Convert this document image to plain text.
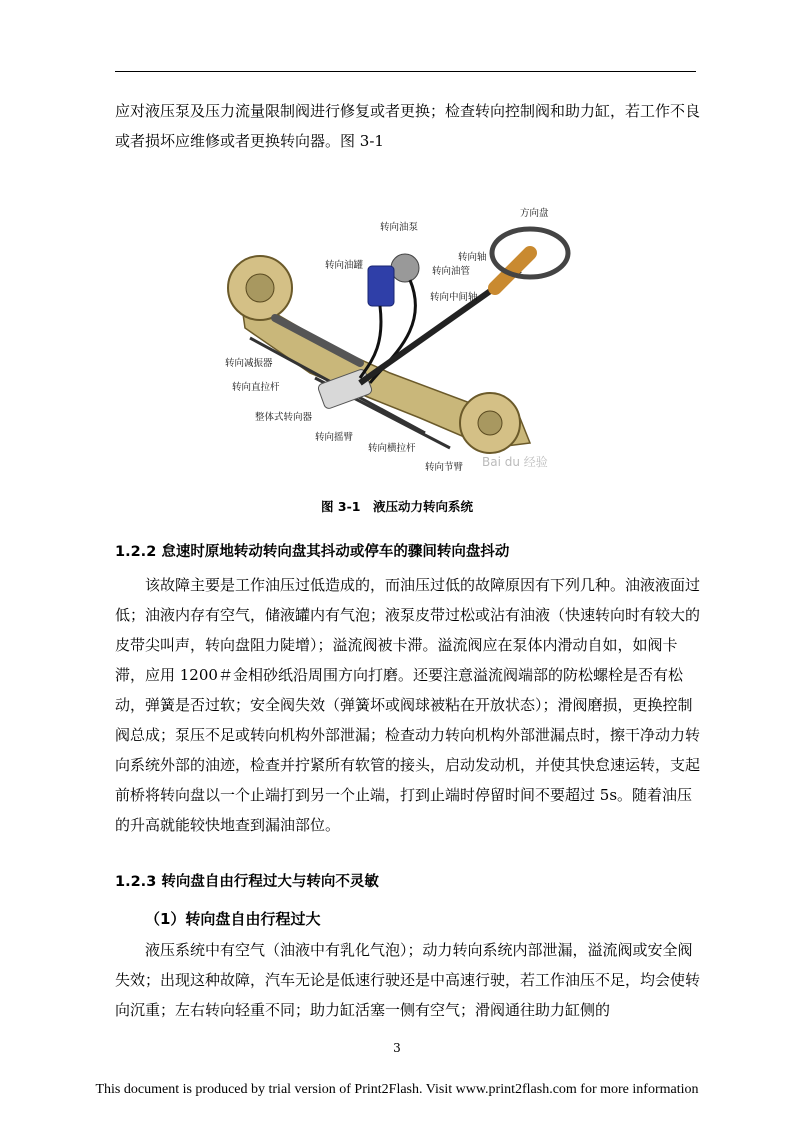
应对液压泵及压力流量限制阀进行修复或者更换；检查转向控制阀和助力缸，若工作不良或者损坏应维修或者更换转向器。图 3-1

方向盘
转向油泵
转向油罐
转向轴
转向油管
转向中间轴
转向减振器
转向直拉杆
整体式转向器
转向摇臂
转向横拉杆
转向节臂 Bai du 经验
图 3-1　液压动力转向系统
1.2.2 怠速时原地转动转向盘其抖动或停车的骤间转向盘抖动

该故障主要是工作油压过低造成的，而油压过低的故障原因有下列几种。油液液面过低；油液内存有空气，储液罐内有气泡；液泵皮带过松或沾有油液（快速转向时有较大的皮带尖叫声，转向盘阻力陡增）；溢流阀被卡滞。溢流阀应在泵体内滑动自如，如阀卡滞，应用 1200＃金相砂纸沿周围方向打磨。还要注意溢流阀端部的防松螺栓是否有松动，弹簧是否过软；安全阀失效（弹簧坏或阀球被粘在开放状态）；滑阀磨损，更换控制阀总成；泵压不足或转向机构外部泄漏；检查动力转向机构外部泄漏点时，擦干净动力转向系统外部的油迹，检查并拧紧所有软管的接头，启动发动机，并使其快怠速运转，支起前桥将转向盘以一个止端打到另一个止端，打到止端时停留时间不要超过 5s。随着油压的升高就能较快地查到漏油部位。

1.2.3 转向盘自由行程过大与转向不灵敏
（1）转向盘自由行程过大

液压系统中有空气（油液中有乳化气泡）；动力转向系统内部泄漏，溢流阀或安全阀失效；出现这种故障，汽车无论是低速行驶还是中高速行驶，若工作油压不足，均会使转向沉重；左右转向轻重不同；助力缸活塞一侧有空气；滑阀通往助力缸侧的

3
This document is produced by trial version of Print2Flash. Visit www.print2flash.com for more information
